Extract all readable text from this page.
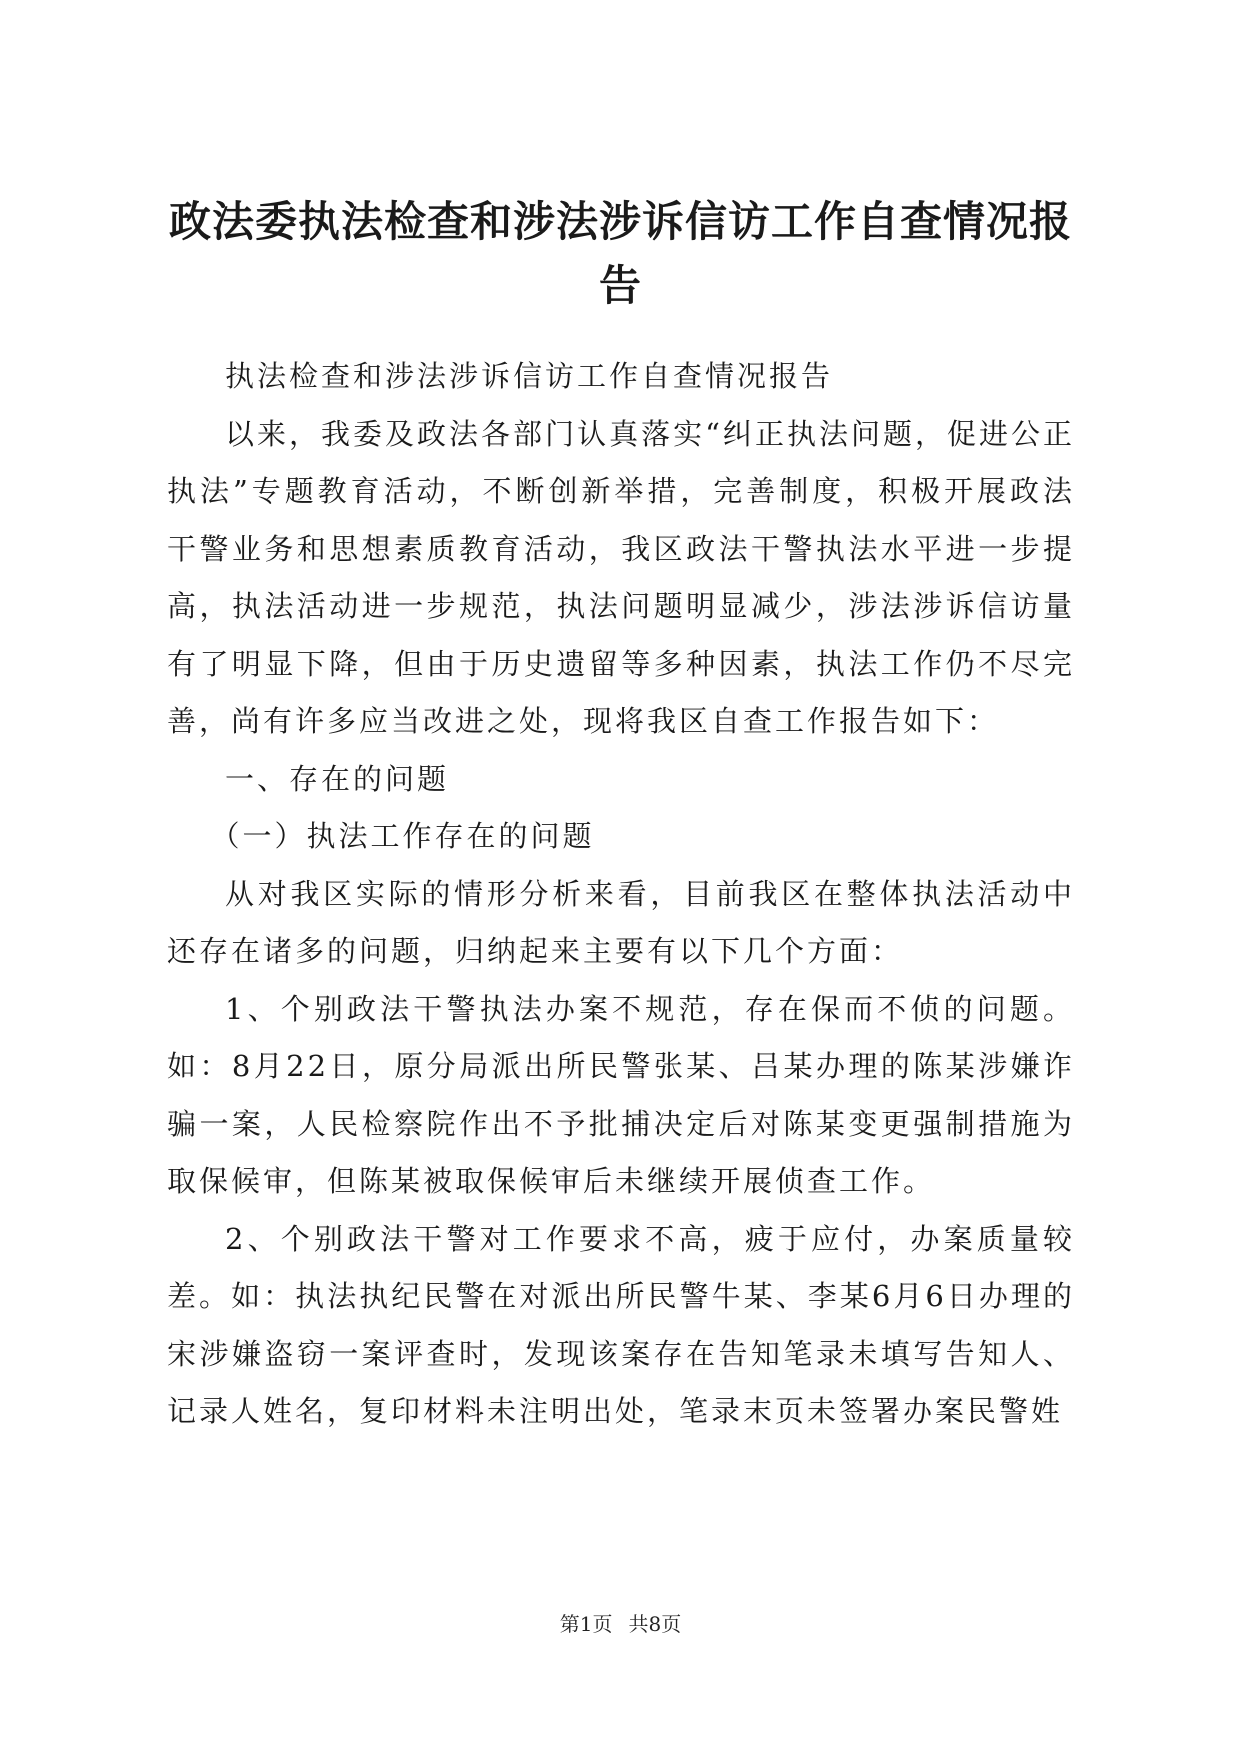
政法委执法检查和涉法涉诉信访工作自查情况报告

执法检查和涉法涉诉信访工作自查情况报告

以来，我委及政法各部门认真落实“纠正执法问题，促进公正执法”专题教育活动，不断创新举措，完善制度，积极开展政法干警业务和思想素质教育活动，我区政法干警执法水平进一步提高，执法活动进一步规范，执法问题明显减少，涉法涉诉信访量有了明显下降，但由于历史遗留等多种因素，执法工作仍不尽完善，尚有许多应当改进之处，现将我区自查工作报告如下：

一、存在的问题

（一）执法工作存在的问题

从对我区实际的情形分析来看，目前我区在整体执法活动中还存在诸多的问题，归纳起来主要有以下几个方面：

1、个别政法干警执法办案不规范，存在保而不侦的问题。如：8月22日，原分局派出所民警张某、吕某办理的陈某涉嫌诈骗一案，人民检察院作出不予批捕决定后对陈某变更强制措施为取保候审，但陈某被取保候审后未继续开展侦查工作。

2、个别政法干警对工作要求不高，疲于应付，办案质量较差。如：执法执纪民警在对派出所民警牛某、李某6月6日办理的宋涉嫌盗窃一案评查时，发现该案存在告知笔录未填写告知人、记录人姓名，复印材料未注明出处，笔录末页未签署办案民警姓

第1页 共8页
